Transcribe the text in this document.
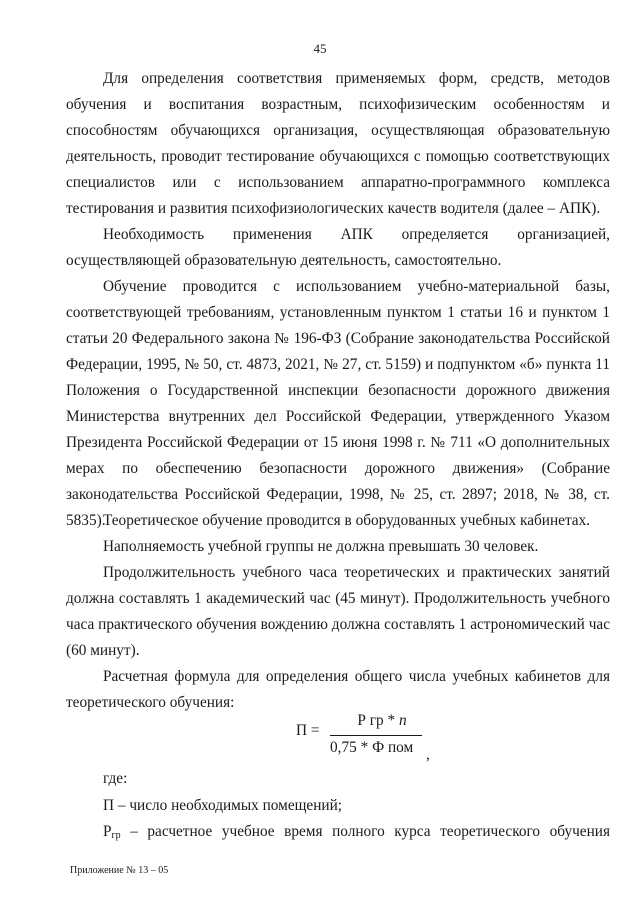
45

Для определения соответствия применяемых форм, средств, методов обучения и воспитания возрастным, психофизическим особенностям и способностям обучающихся организация, осуществляющая образовательную деятельность, проводит тестирование обучающихся с помощью соответствующих специалистов или с использованием аппаратно-программного комплекса тестирования и развития психофизиологических качеств водителя (далее – АПК).

Необходимость применения АПК определяется организацией, осуществляющей образовательную деятельность, самостоятельно.

Обучение проводится с использованием учебно-материальной базы, соответствующей требованиям, установленным пунктом 1 статьи 16 и пунктом 1 статьи 20 Федерального закона № 196-ФЗ (Собрание законодательства Российской Федерации, 1995, № 50, ст. 4873, 2021, № 27, ст. 5159) и подпунктом «б» пункта 11 Положения о Государственной инспекции безопасности дорожного движения Министерства внутренних дел Российской Федерации, утвержденного Указом Президента Российской Федерации от 15 июня 1998 г. № 711 «О дополнительных мерах по обеспечению безопасности дорожного движения» (Собрание законодательства Российской Федерации, 1998, № 25, ст. 2897; 2018, № 38, ст. 5835).

Теоретическое обучение проводится в оборудованных учебных кабинетах.

Наполняемость учебной группы не должна превышать 30 человек.

Продолжительность учебного часа теоретических и практических занятий должна составлять 1 академический час (45 минут). Продолжительность учебного часа практического обучения вождению должна составлять 1 астрономический час (60 минут).

Расчетная формула для определения общего числа учебных кабинетов для теоретического обучения:

П =
Р гр * n
0,75 * Ф пом ,

где:

П – число необходимых помещений;

$Р_{гр}$ – расчетное учебное время полного курса теоретического обучения

Приложение № 13 – 05
